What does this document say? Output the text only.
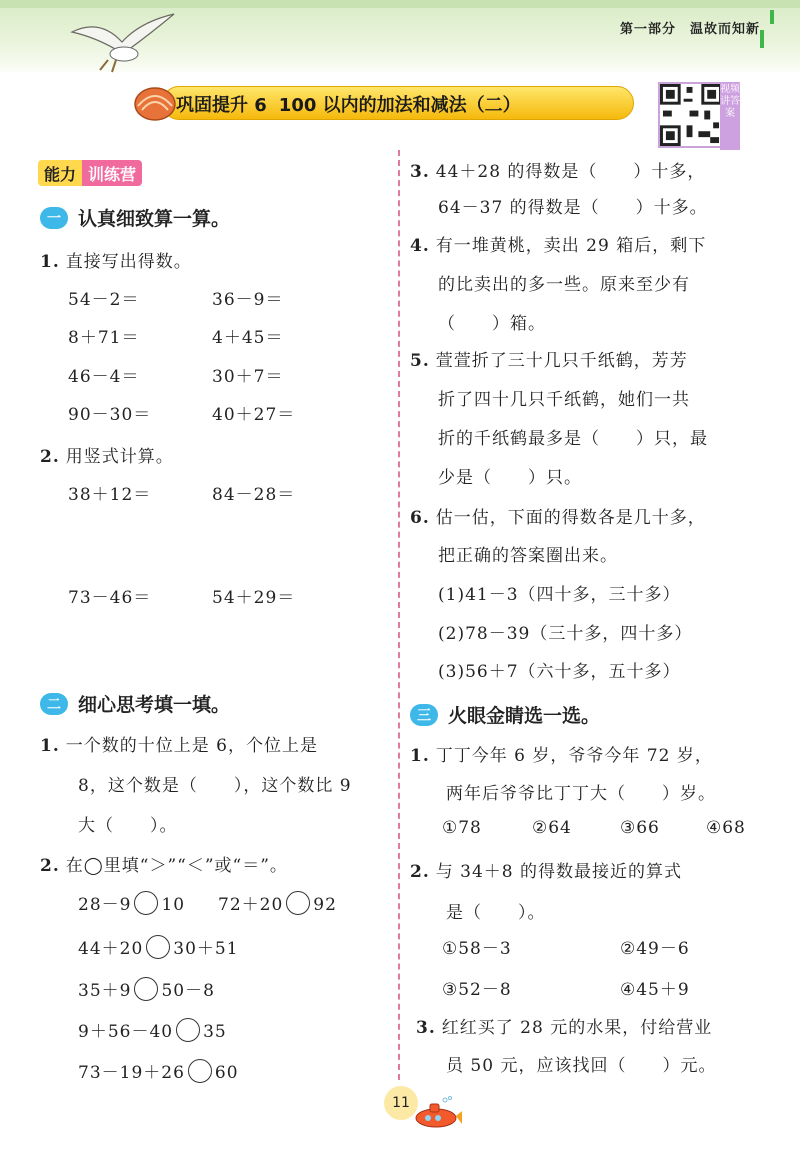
第一部分 温故而知新
巩固提升 6 100 以内的加法和减法（二）
视频讲答案
能力 训练营
一 认真细致算一算。
1. 直接写出得数。
54－2＝	36－9＝
8＋71＝	4＋45＝
46－4＝	30＋7＝
90－30＝	40＋27＝
2. 用竖式计算。
38＋12＝	84－28＝
73－46＝	54＋29＝
二 细心思考填一填。
1. 一个数的十位上是 6，个位上是
8，这个数是（　　），这个数比 9
大（　　）。
2. 在◯里填“＞”“＜”或“＝”。
28－9 10 72＋20 92
44＋20 30＋51
35＋9 50－8
9＋56－40 35
73－19＋26 60
3. 44＋28 的得数是（　　）十多，
64－37 的得数是（　　）十多。
4. 有一堆黄桃，卖出 29 箱后，剩下
的比卖出的多一些。原来至少有
（　　）箱。
5. 萱萱折了三十几只千纸鹤，芳芳
折了四十几只千纸鹤，她们一共
折的千纸鹤最多是（　　）只，最
少是（　　）只。
6. 估一估，下面的得数各是几十多，
把正确的答案圈出来。
(1)41－3（四十多，三十多）
(2)78－39（三十多，四十多）
(3)56＋7（六十多，五十多）
三 火眼金睛选一选。
1. 丁丁今年 6 岁，爷爷今年 72 岁，
两年后爷爷比丁丁大（　　）岁。
①78	②64	③66	④68
2. 与 34＋8 的得数最接近的算式
是（　　）。
①58－3	②49－6
③52－8	④45＋9
3. 红红买了 28 元的水果，付给营业
员 50 元，应该找回（　　）元。
11
